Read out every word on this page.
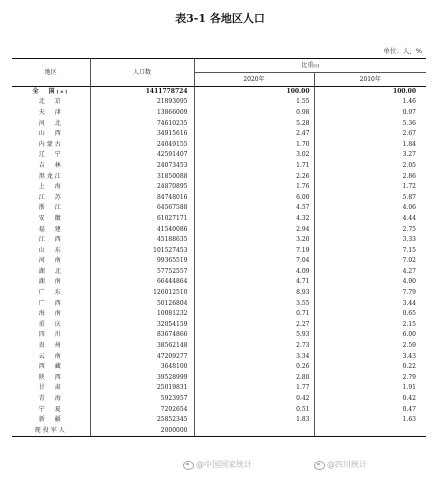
表3-1 各地区人口
单位：人，%
地区	人口数	比重[5]
		2020年	2010年
全　国[6]	1411778724	100.00	100.00
北　京	21893095	1.55	1.46
天　津	13866009	0.98	0.97
河　北	74610235	5.28	5.36
山　西	34915616	2.47	2.67
内蒙古	24049155	1.70	1.84
辽　宁	42591407	3.02	3.27
吉　林	24073453	1.71	2.05
黑龙江	31850088	2.26	2.86
上　海	24870895	1.76	1.72
江　苏	84748016	6.00	5.87
浙　江	64567588	4.57	4.06
安　徽	61027171	4.32	4.44
福　建	41540086	2.94	2.75
江　西	45188635	3.20	3.33
山　东	101527453	7.19	7.15
河　南	99365519	7.04	7.02
湖　北	57752557	4.09	4.27
湖　南	66444864	4.71	4.90
广　东	126012510	8.93	7.79
广　西	50126804	3.55	3.44
海　南	10081232	0.71	0.65
重　庆	32054159	2.27	2.15
四　川	83674866	5.93	6.00
贵　州	38562148	2.73	2.59
云　南	47209277	3.34	3.43
西　藏	3648100	0.26	0.22
陕　西	39528999	2.80	2.79
甘　肃	25019831	1.77	1.91
青　海	5923957	0.42	0.42
宁　夏	7202654	0.51	0.47
新　疆	25852345	1.83	1.63
现役军人	2000000		
@中国国家统计	@四川统计
